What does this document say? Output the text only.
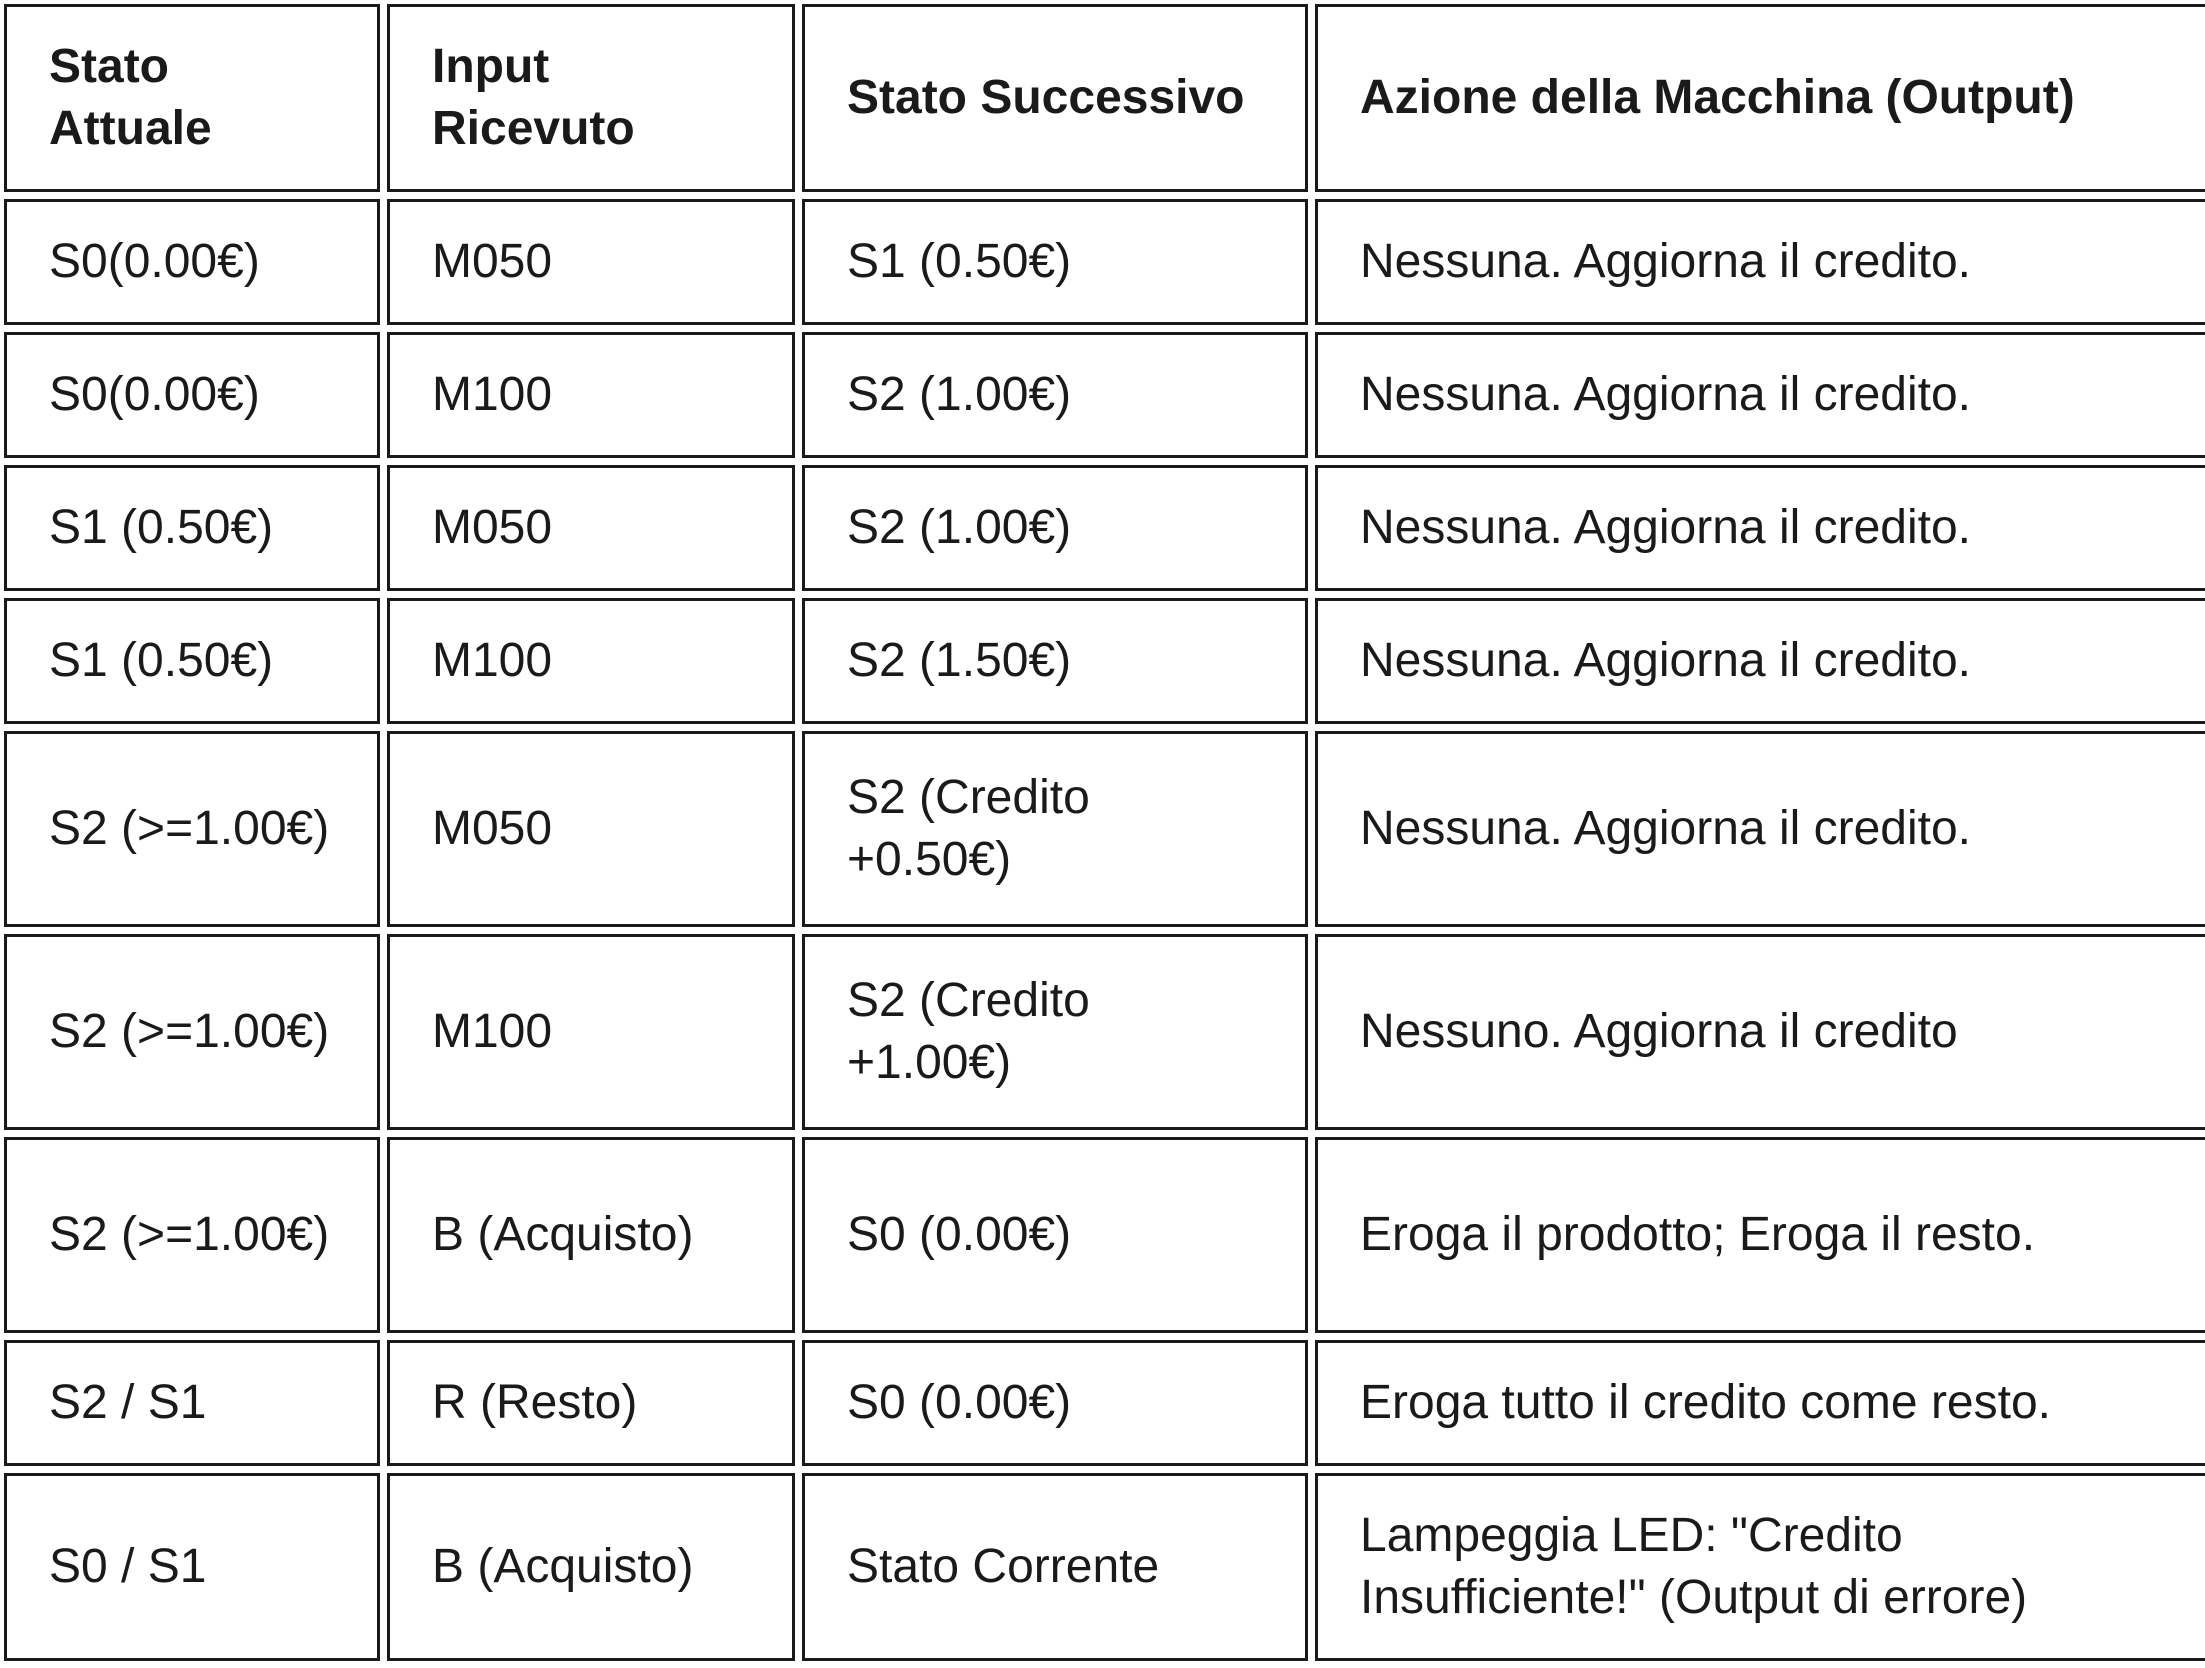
Stato Attuale	Input Ricevuto	Stato Successivo	Azione della Macchina (Output)
S0(0.00€)	M050	S1 (0.50€)	Nessuna. Aggiorna il credito.
S0(0.00€)	M100	S2 (1.00€)	Nessuna. Aggiorna il credito.
S1 (0.50€)	M050	S2 (1.00€)	Nessuna. Aggiorna il credito.
S1 (0.50€)	M100	S2 (1.50€)	Nessuna. Aggiorna il credito.
S2 (>=1.00€)	M050	S2 (Credito +0.50€)	Nessuna. Aggiorna il credito.
S2 (>=1.00€)	M100	S2 (Credito +1.00€)	Nessuno. Aggiorna il credito
S2 (>=1.00€)	B (Acquisto)	S0 (0.00€)	Eroga il prodotto; Eroga il resto.
S2 / S1	R (Resto)	S0 (0.00€)	Eroga tutto il credito come resto.
S0 / S1	B (Acquisto)	Stato Corrente	Lampeggia LED: "Credito Insufficiente!" (Output di errore)
